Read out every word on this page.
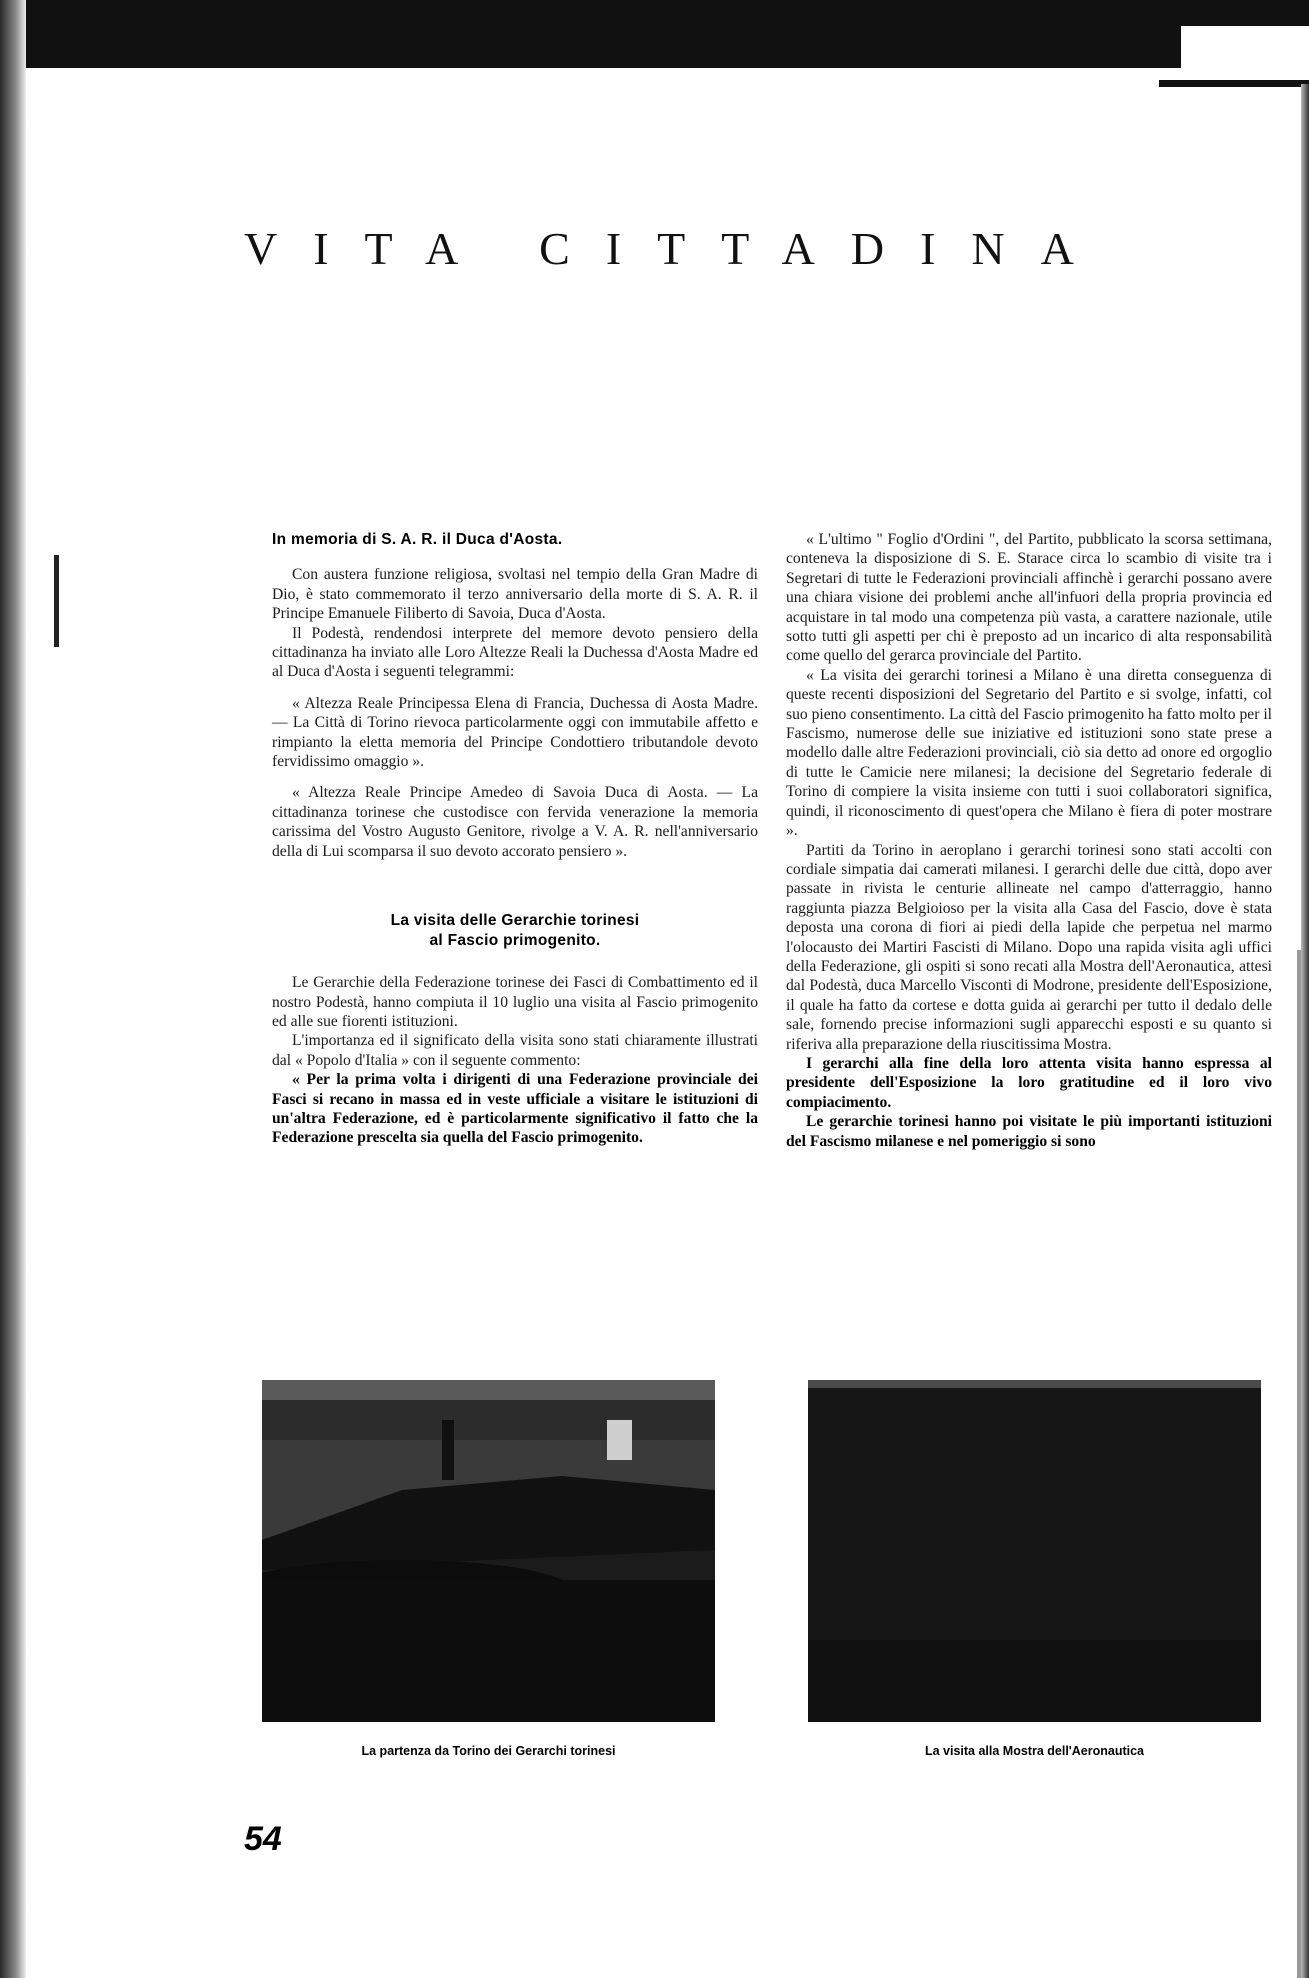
VITA CITTADINA
In memoria di S. A. R. il Duca d'Aosta.

Con austera funzione religiosa, svoltasi nel tempio della Gran Madre di Dio, è stato commemorato il terzo anniversario della morte di S. A. R. il Principe Emanuele Filiberto di Savoia, Duca d'Aosta.

Il Podestà, rendendosi interprete del memore devoto pensiero della cittadinanza ha inviato alle Loro Altezze Reali la Duchessa d'Aosta Madre ed al Duca d'Aosta i seguenti telegrammi:

« Altezza Reale Principessa Elena di Francia, Duchessa di Aosta Madre. — La Città di Torino rievoca particolarmente oggi con immutabile affetto e rimpianto la eletta memoria del Principe Condottiero tributandole devoto fervidissimo omaggio ».

« Altezza Reale Principe Amedeo di Savoia Duca di Aosta. — La cittadinanza torinese che custodisce con fervida venerazione la memoria carissima del Vostro Augusto Genitore, rivolge a V. A. R. nell'anniversario della di Lui scomparsa il suo devoto accorato pensiero ».

La visita delle Gerarchie torinesi
al Fascio primogenito.

Le Gerarchie della Federazione torinese dei Fasci di Combattimento ed il nostro Podestà, hanno compiuta il 10 luglio una visita al Fascio primogenito ed alle sue fiorenti istituzioni.

L'importanza ed il significato della visita sono stati chiaramente illustrati dal « Popolo d'Italia » con il seguente commento:

« Per la prima volta i dirigenti di una Federazione provinciale dei Fasci si recano in massa ed in veste ufficiale a visitare le istituzioni di un'altra Federazione, ed è particolarmente significativo il fatto che la Federazione prescelta sia quella del Fascio primogenito.

« L'ultimo " Foglio d'Ordini ", del Partito, pubblicato la scorsa settimana, conteneva la disposizione di S. E. Starace circa lo scambio di visite tra i Segretari di tutte le Federazioni provinciali affinchè i gerarchi possano avere una chiara visione dei problemi anche all'infuori della propria provincia ed acquistare in tal modo una competenza più vasta, a carattere nazionale, utile sotto tutti gli aspetti per chi è preposto ad un incarico di alta responsabilità come quello del gerarca provinciale del Partito.

« La visita dei gerarchi torinesi a Milano è una diretta conseguenza di queste recenti disposizioni del Segretario del Partito e si svolge, infatti, col suo pieno consentimento. La città del Fascio primogenito ha fatto molto per il Fascismo, numerose delle sue iniziative ed istituzioni sono state prese a modello dalle altre Federazioni provinciali, ciò sia detto ad onore ed orgoglio di tutte le Camicie nere milanesi; la decisione del Segretario federale di Torino di compiere la visita insieme con tutti i suoi collaboratori significa, quindi, il riconoscimento di quest'opera che Milano è fiera di poter mostrare ».

Partiti da Torino in aeroplano i gerarchi torinesi sono stati accolti con cordiale simpatia dai camerati milanesi. I gerarchi delle due città, dopo aver passate in rivista le centurie allineate nel campo d'atterraggio, hanno raggiunta piazza Belgioioso per la visita alla Casa del Fascio, dove è stata deposta una corona di fiori ai piedi della lapide che perpetua nel marmo l'olocausto dei Martiri Fascisti di Milano. Dopo una rapida visita agli uffici della Federazione, gli ospiti si sono recati alla Mostra dell'Aeronautica, attesi dal Podestà, duca Marcello Visconti di Modrone, presidente dell'Esposizione, il quale ha fatto da cortese e dotta guida ai gerarchi per tutto il dedalo delle sale, fornendo precise informazioni sugli apparecchi esposti e su quanto si riferiva alla preparazione della riuscitissima Mostra.

I gerarchi alla fine della loro attenta visita hanno espressa al presidente dell'Esposizione la loro gratitudine ed il loro vivo compiacimento.

Le gerarchie torinesi hanno poi visitate le più importanti istituzioni del Fascismo milanese e nel pomeriggio si sono

La partenza da Torino dei Gerarchi torinesi	La visita alla Mostra dell'Aeronautica
54
